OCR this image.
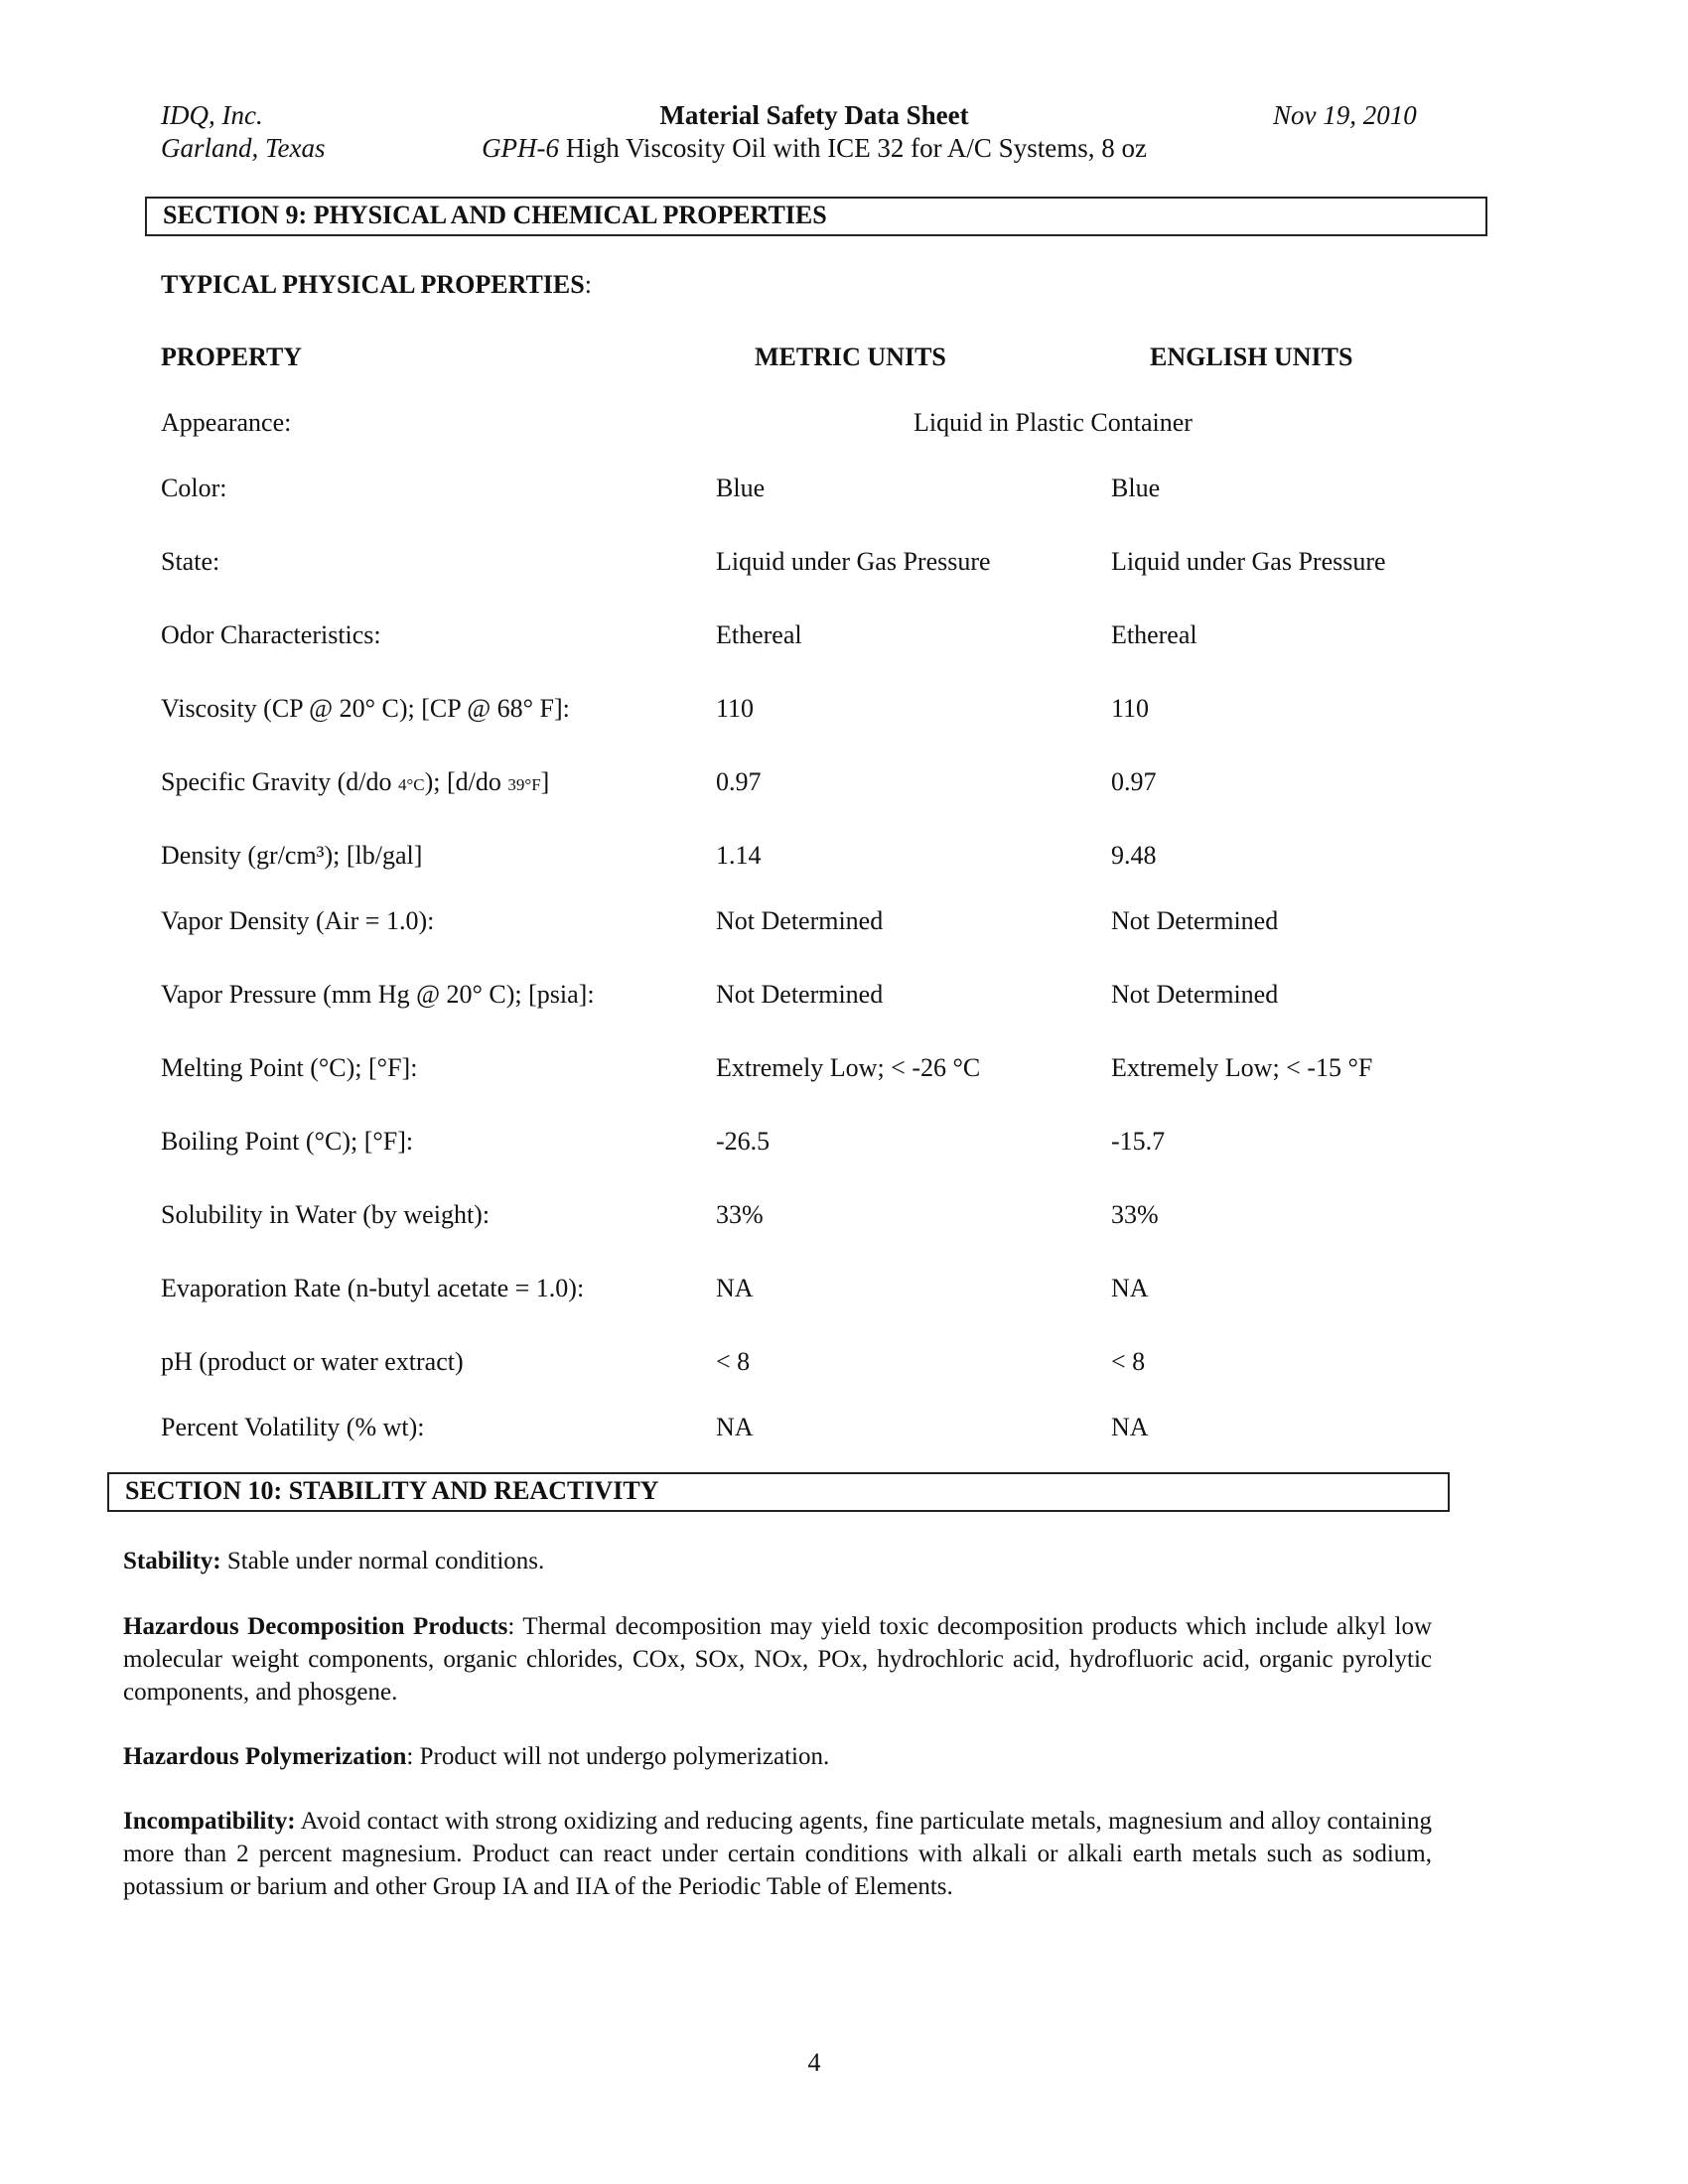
IDQ, Inc.
Garland, Texas
Material Safety Data Sheet
GPH-6 High Viscosity Oil with ICE 32 for A/C Systems, 8 oz
Nov 19, 2010
SECTION 9: PHYSICAL AND CHEMICAL PROPERTIES
TYPICAL PHYSICAL PROPERTIES:
PROPERTY	METRIC UNITS	ENGLISH UNITS
Appearance:	Liquid in Plastic Container
Color:	Blue	Blue
State:	Liquid under Gas Pressure	Liquid under Gas Pressure
Odor Characteristics:	Ethereal	Ethereal
Viscosity (CP @ 20° C); [CP @ 68° F]:	110	110
Specific Gravity (d/do 4°C); [d/do 39°F]	0.97	0.97
Density (gr/cm³); [lb/gal]	1.14	9.48
Vapor Density (Air = 1.0):	Not Determined	Not Determined
Vapor Pressure (mm Hg @ 20° C); [psia]:	Not Determined	Not Determined
Melting Point (°C); [°F]:	Extremely Low; < -26 °C	Extremely Low; < -15 °F
Boiling Point (°C); [°F]:	-26.5	-15.7
Solubility in Water (by weight):	33%	33%
Evaporation Rate (n-butyl acetate = 1.0):	NA	NA
pH (product or water extract)	< 8	< 8
Percent Volatility (% wt):	NA	NA
SECTION 10: STABILITY AND REACTIVITY
Stability: Stable under normal conditions.
Hazardous Decomposition Products: Thermal decomposition may yield toxic decomposition products which include alkyl low molecular weight components, organic chlorides, COx, SOx, NOx, POx, hydrochloric acid, hydrofluoric acid, organic pyrolytic components, and phosgene.
Hazardous Polymerization: Product will not undergo polymerization.
Incompatibility: Avoid contact with strong oxidizing and reducing agents, fine particulate metals, magnesium and alloy containing more than 2 percent magnesium. Product can react under certain conditions with alkali or alkali earth metals such as sodium, potassium or barium and other Group IA and IIA of the Periodic Table of Elements.
4
